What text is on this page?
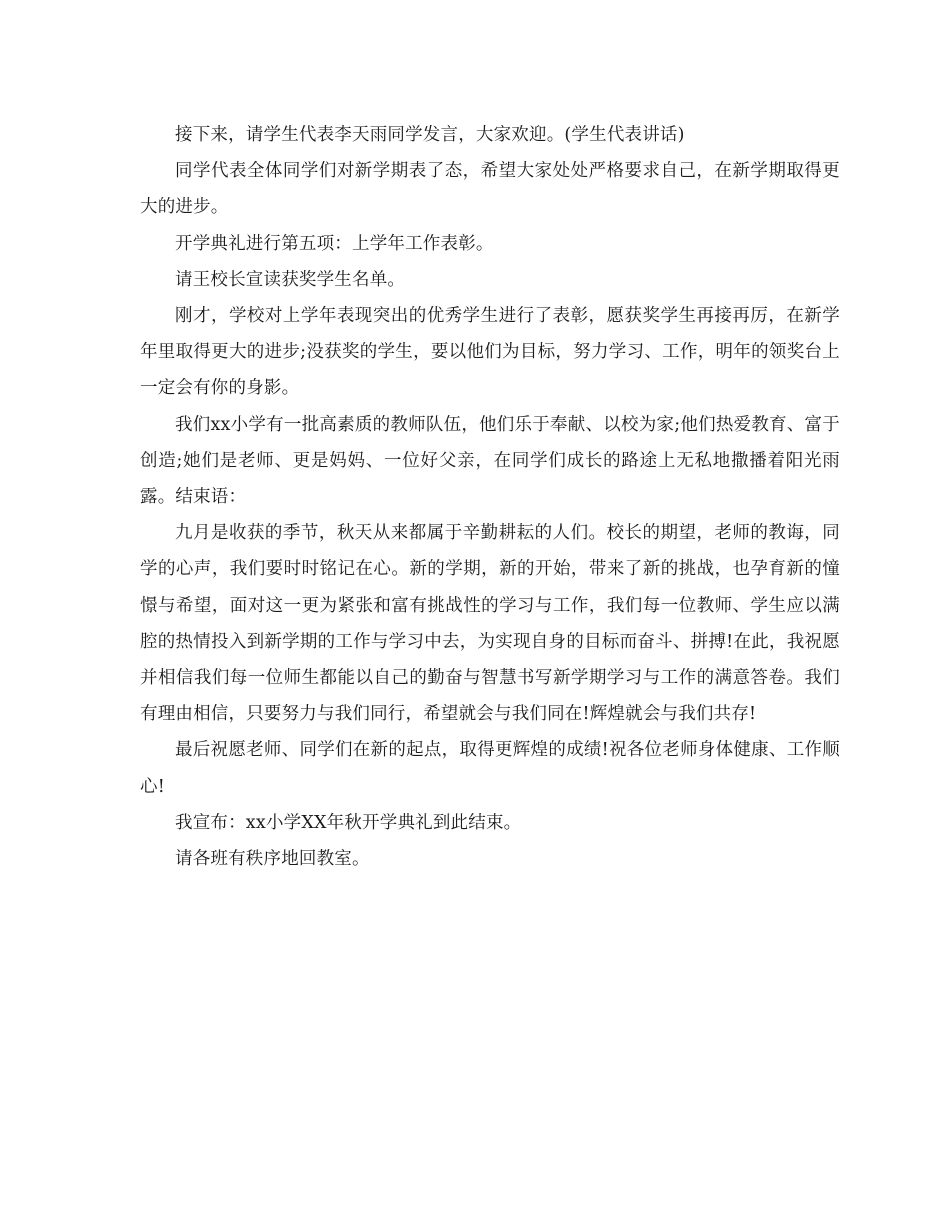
接下来，请学生代表李天雨同学发言，大家欢迎。(学生代表讲话)

同学代表全体同学们对新学期表了态，希望大家处处严格要求自己，在新学期取得更大的进步。

开学典礼进行第五项：上学年工作表彰。

请王校长宣读获奖学生名单。

刚才，学校对上学年表现突出的优秀学生进行了表彰，愿获奖学生再接再厉，在新学年里取得更大的进步;没获奖的学生，要以他们为目标，努力学习、工作，明年的领奖台上一定会有你的身影。

我们xx小学有一批高素质的教师队伍，他们乐于奉献、以校为家;他们热爱教育、富于创造;她们是老师、更是妈妈、一位好父亲，在同学们成长的路途上无私地撒播着阳光雨露。结束语：

九月是收获的季节，秋天从来都属于辛勤耕耘的人们。校长的期望，老师的教诲，同学的心声，我们要时时铭记在心。新的学期，新的开始，带来了新的挑战，也孕育新的憧憬与希望，面对这一更为紧张和富有挑战性的学习与工作，我们每一位教师、学生应以满腔的热情投入到新学期的工作与学习中去，为实现自身的目标而奋斗、拼搏!在此，我祝愿并相信我们每一位师生都能以自己的勤奋与智慧书写新学期学习与工作的满意答卷。我们有理由相信，只要努力与我们同行，希望就会与我们同在!辉煌就会与我们共存!

最后祝愿老师、同学们在新的起点，取得更辉煌的成绩!祝各位老师身体健康、工作顺心!

我宣布：xx小学XX年秋开学典礼到此结束。

请各班有秩序地回教室。
